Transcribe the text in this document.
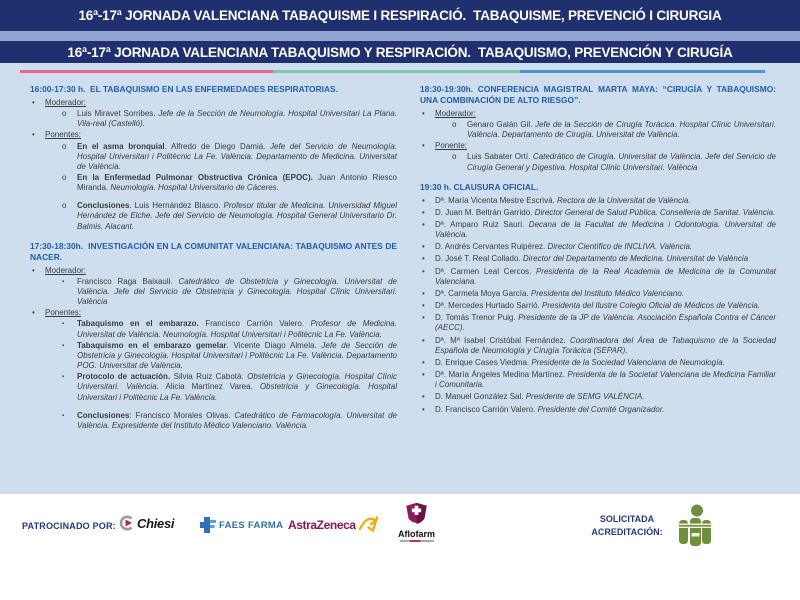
16ª-17ª JORNADA VALENCIANA TABAQUISME I RESPIRACIÓ.  TABAQUISME, PREVENCIÓ I CIRURGIA
16ª-17ª JORNADA VALENCIANA TABAQUISMO Y RESPIRACIÓN.  TABAQUISMO, PREVENCIÓN Y CIRUGÍA
16:00-17:30 h.  EL TABAQUISMO EN LAS ENFERMEDADES RESPIRATORIAS.
•	Moderador:
o	Luis Miravet Sorribes. Jefe de la Sección de Neumología. Hospital Universitari La Plana. Vila-real (Castelló).
•	Ponentes:
o	En el asma bronquial. Alfredo de Diego Damiá. Jefe del Servicio de Neumología. Hospital Universitari i Politècnic La Fe. València. Departamento de Medicina. Universitat de València.
o	En la Enfermedad Pulmonar Obstructiva Crónica (EPOC). Juan Antonio Riesco Miranda. Neumología. Hospital Universitario de Cáceres.
o	Conclusiones. Luis Hernández Blasco. Profesor titular de Medicina. Universidad Miguel Hernández de Elche. Jefe del Servicio de Neumología. Hospital General Universitario Dr. Balmis. Alacant.
17:30-18:30h.  INVESTIGACIÓN EN LA COMUNITAT VALENCIANA: TABAQUISMO ANTES DE NACER.
•	Moderador:
▪	Francisco Raga Baixauli. Catedrático de Obstetricia y Ginecología. Universitat de València. Jefe del Servicio de Obstetricia y Ginecología. Hospital Clínic Universitari. València
•	Ponentes:
▪	Tabaquismo en el embarazo. Francisco Carrión Valero. Profesor de Medicina. Universitat de València. Neumología. Hospital Universitari i Politècnic La Fe. València.
▪	Tabaquismo en el embarazo gemelar. Vicente Diago Almela. Jefe de Sección de Obstetricia y Ginecología. Hospital Universitari i Politècnic La Fe. València. Departamento POG. Universitat de València.
▪	Protocolo de actuación. Silvia Ruiz Cabotà. Obstetricia y Ginecología. Hospital Clínic Universitari. València. Alicia Martínez Varea. Obstetricia y Ginecología. Hospital Universitari i Politècnic La Fe. València.
▪	Conclusiones: Francisco Morales Olivas. Catedrático de Farmacología. Universitat de València. Expresidente del Instituto Médico Valenciano. València.
18:30-19:30h. CONFERENCIA MAGISTRAL MARTA MAYA: “CIRUGÍA Y TABAQUISMO: UNA COMBINACIÓN DE ALTO RIESGO”.
•	Moderador:
o	Genaro Galán Gil. Jefe de la Sección de Cirugía Torácica. Hospital Clínic Universitari. València. Departamento de Cirugía. Universitat de València.
•	Ponente:
o	Luis Sabater Ortí. Catedrático de Cirugía. Universitat de València. Jefe del Servicio de Cirugía General y Digestiva. Hospital Clínic Universitari. València
19:30 h. CLAUSURA OFICIAL.
•	Dª. María Vicenta Mestre Escrivá. Rectora de la Universitat de València.
•	D. Juan M. Beltrán Garrido. Director General de Salud Pública. Conselleria de Sanitat. València.
•	Dª. Amparo Ruiz Sauri. Decana de la Facultat de Medicina i Odontologia. Universitat de València.
•	D. Andrés Cervantes Ruipérez. Director Científico de INCLIVA. València.
•	D. José T. Real Collado. Director del Departamento de Medicina. Universitat de València
•	Dª. Carmen Leal Cercos. Presidenta de la Real Academia de Medicina de la Comunitat Valenciana.
•	Dª. Carmela Moya García. Presidenta del Instituto Médico Valenciano.
•	Dª. Mercedes Hurtado Sarrió. Presidenta del Ilustre Colegio Oficial de Médicos de València.
•	D. Tomás Trenor Puig. Presidente de la JP de València. Asociación Española Contra el Cáncer (AECC).
•	Dª. Mª Isabel Cristóbal Fernández. Coordinadora del Área de Tabaquismo de la Sociedad Española de Neumología y Cirugía Torácica (SEPAR).
•	D. Enrique Cases Viedma. Presidente de la Sociedad Valenciana de Neumología.
•	Dª. María Ángeles Medina Martínez. Presidenta de la Societat Valenciana de Medicina Familiar i Comunitaria.
•	D. Manuel González Sal. Presidente de SEMG VALÈNCIA.
•	D. Francisco Carrión Valero. Presidente del Comité Organizador.
PATROCINADO POR: Chiesi	FAES FARMA AstraZeneca
Aflofarm
SOLICITADA ACREDITACIÓN:
